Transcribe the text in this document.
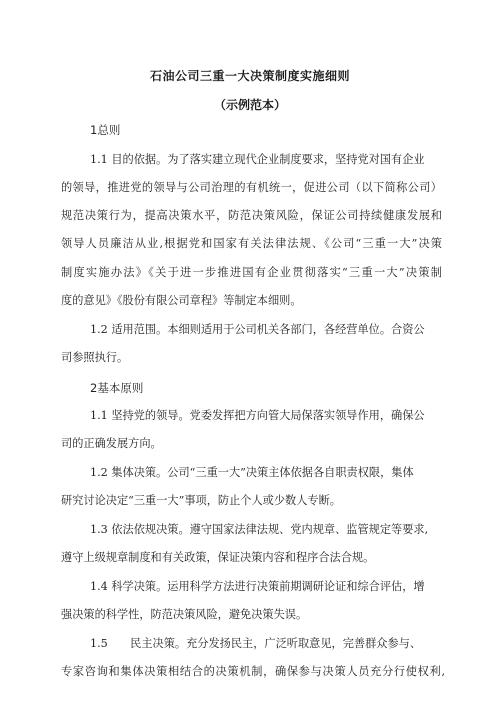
石油公司三重一大决策制度实施细则
（示例范本）
1总则
1.1 目的依据。为了落实建立现代企业制度要求，坚持党对国有企业
的领导，推进党的领导与公司治理的有机统一，促进公司（以下简称公司）
规范决策行为，提高决策水平，防范决策风险，保证公司持续健康发展和
领导人员廉洁从业,根据党和国家有关法律法规、《公司“三重一大”决策
制度实施办法》《关于进一步推进国有企业贯彻落实“三重一大”决策制
度的意见》《股份有限公司章程》等制定本细则。
1.2 适用范围。本细则适用于公司机关各部门，各经营单位。合资公
司参照执行。
2基本原则
1.1 坚持党的领导。党委发挥把方向管大局保落实领导作用，确保公
司的正确发展方向。
1.2 集体决策。公司“三重一大”决策主体依据各自职责权限，集体
研究讨论决定“三重一大”事项，防止个人或少数人专断。
1.3 依法依规决策。遵守国家法律法规、党内规章、监管规定等要求,
遵守上级规章制度和有关政策，保证决策内容和程序合法合规。
1.4 科学决策。运用科学方法进行决策前期调研论证和综合评估，增
强决策的科学性，防范决策风险，避免决策失误。
1.5　　民主决策。充分发扬民主，广泛听取意见，完善群众参与、
专家咨询和集体决策相结合的决策机制，确保参与决策人员充分行使权利,
